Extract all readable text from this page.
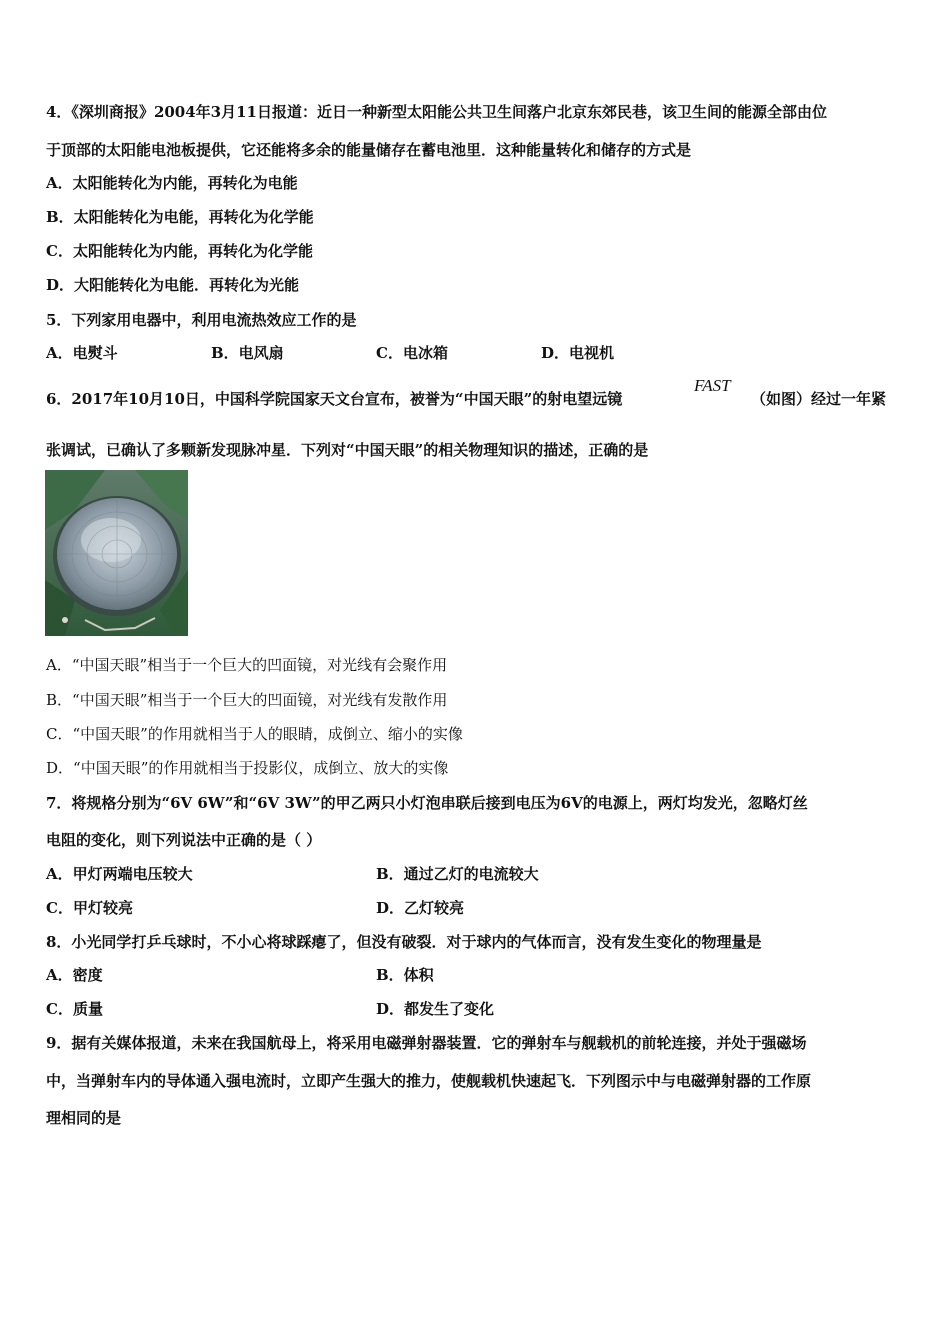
4．《深圳商报》2004年3月11日报道：近日一种新型太阳能公共卫生间落户北京东郊民巷，该卫生间的能源全部由位
于顶部的太阳能电池板提供，它还能将多余的能量储存在蓄电池里．这种能量转化和储存的方式是
A．太阳能转化为内能，再转化为电能
B．太阳能转化为电能，再转化为化学能
C．太阳能转化为内能，再转化为化学能
D．大阳能转化为电能．再转化为光能
5．下列家用电器中，利用电流热效应工作的是
A．电熨斗	B．电风扇	C．电冰箱	D．电视机
6．2017年10月10日，中国科学院国家天文台宣布，被誉为“中国天眼”的射电望远镜
FAST
（如图）经过一年紧
张调试，已确认了多颗新发现脉冲星．下列对“中国天眼”的相关物理知识的描述，正确的是
A．“中国天眼”相当于一个巨大的凹面镜，对光线有会聚作用
B．“中国天眼”相当于一个巨大的凹面镜，对光线有发散作用
C．“中国天眼”的作用就相当于人的眼睛，成倒立、缩小的实像
D．“中国天眼”的作用就相当于投影仪，成倒立、放大的实像
7．将规格分别为“6V 6W”和“6V 3W”的甲乙两只小灯泡串联后接到电压为6V的电源上，两灯均发光，忽略灯丝
电阻的变化，则下列说法中正确的是（ ）
A．甲灯两端电压较大	B．通过乙灯的电流较大
C．甲灯较亮	D．乙灯较亮
8．小光同学打乒乓球时，不小心将球踩瘪了，但没有破裂．对于球内的气体而言，没有发生变化的物理量是
A．密度	B．体积
C．质量	D．都发生了变化
9．据有关媒体报道，未来在我国航母上，将采用电磁弹射器装置．它的弹射车与舰载机的前轮连接，并处于强磁场
中，当弹射车内的导体通入强电流时，立即产生强大的推力，使舰载机快速起飞．下列图示中与电磁弹射器的工作原
理相同的是
